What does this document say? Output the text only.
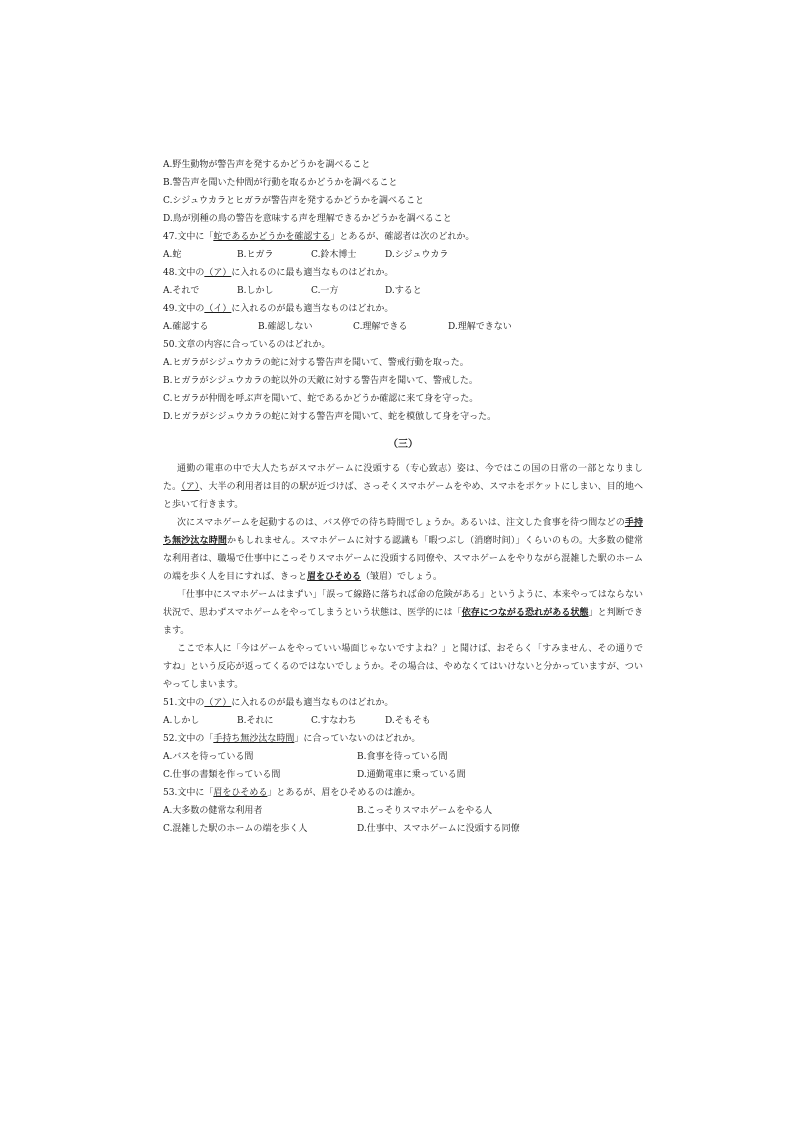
A.野生動物が警告声を発するかどうかを調べること
B.警告声を聞いた仲間が行動を取るかどうかを調べること
C.シジュウカラとヒガラが警告声を発するかどうかを調べること
D.鳥が別種の鳥の警告を意味する声を理解できるかどうかを調べること
47.文中に「蛇であるかどうかを確認する」とあるが、確認者は次のどれか。
A.蛇	B.ヒガラ	C.鈴木博士	D.シジュウカラ
48.文中の（ア）に入れるのに最も適当なものはどれか。
A.それで	B.しかし	C.一方	D.すると
49.文中の（イ）に入れるのが最も適当なものはどれか。
A.確認する	B.確認しない	C.理解できる	D.理解できない
50.文章の内容に合っているのはどれか。
A.ヒガラがシジュウカラの蛇に対する警告声を聞いて、警戒行動を取った。
B.ヒガラがシジュウカラの蛇以外の天敵に対する警告声を聞いて、警戒した。
C.ヒガラが仲間を呼ぶ声を聞いて、蛇であるかどうか確認に来て身を守った。
D.ヒガラがシジュウカラの蛇に対する警告声を聞いて、蛇を模倣して身を守った。
（三）
通勤の電車の中で大人たちがスマホゲームに没頭する（专心致志）姿は、今ではこの国の日常の一部となりました。（ア）、大半の利用者は目的の駅が近づけば、さっそくスマホゲームをやめ、スマホをポケットにしまい、目的地へと歩いて行きます。
次にスマホゲームを起動するのは、バス停での待ち時間でしょうか。あるいは、注文した食事を待つ間などの手持ち無沙汰な時間かもしれません。スマホゲームに対する認識も「暇つぶし（消磨时间）」くらいのもの。大多数の健常な利用者は、職場で仕事中にこっそりスマホゲームに没頭する同僚や、スマホゲームをやりながら混雑した駅のホームの端を歩く人を目にすれば、きっと眉をひそめる（皱眉）でしょう。
「仕事中にスマホゲームはまずい」「誤って線路に落ちれば命の危険がある」というように、本来やってはならない状況で、思わずスマホゲームをやってしまうという状態は、医学的には「依存につながる恐れがある状態」と判断できます。
ここで本人に「今はゲームをやっていい場面じゃないですよね？」と聞けば、おそらく「すみません、その通りですね」という反応が返ってくるのではないでしょうか。その場合は、やめなくてはいけないと分かっていますが、ついやってしまいます。
51.文中の（ア）に入れるのが最も適当なものはどれか。
A.しかし	B.それに	C.すなわち	D.そもそも
52.文中の「手持ち無沙汰な時間」に合っていないのはどれか。
A.バスを待っている間	B.食事を待っている間
C.仕事の書類を作っている間	D.通勤電車に乗っている間
53.文中に「眉をひそめる」とあるが、眉をひそめるのは誰か。
A.大多数の健常な利用者	B.こっそりスマホゲームをやる人
C.混雑した駅のホームの端を歩く人	D.仕事中、スマホゲームに没頭する同僚
